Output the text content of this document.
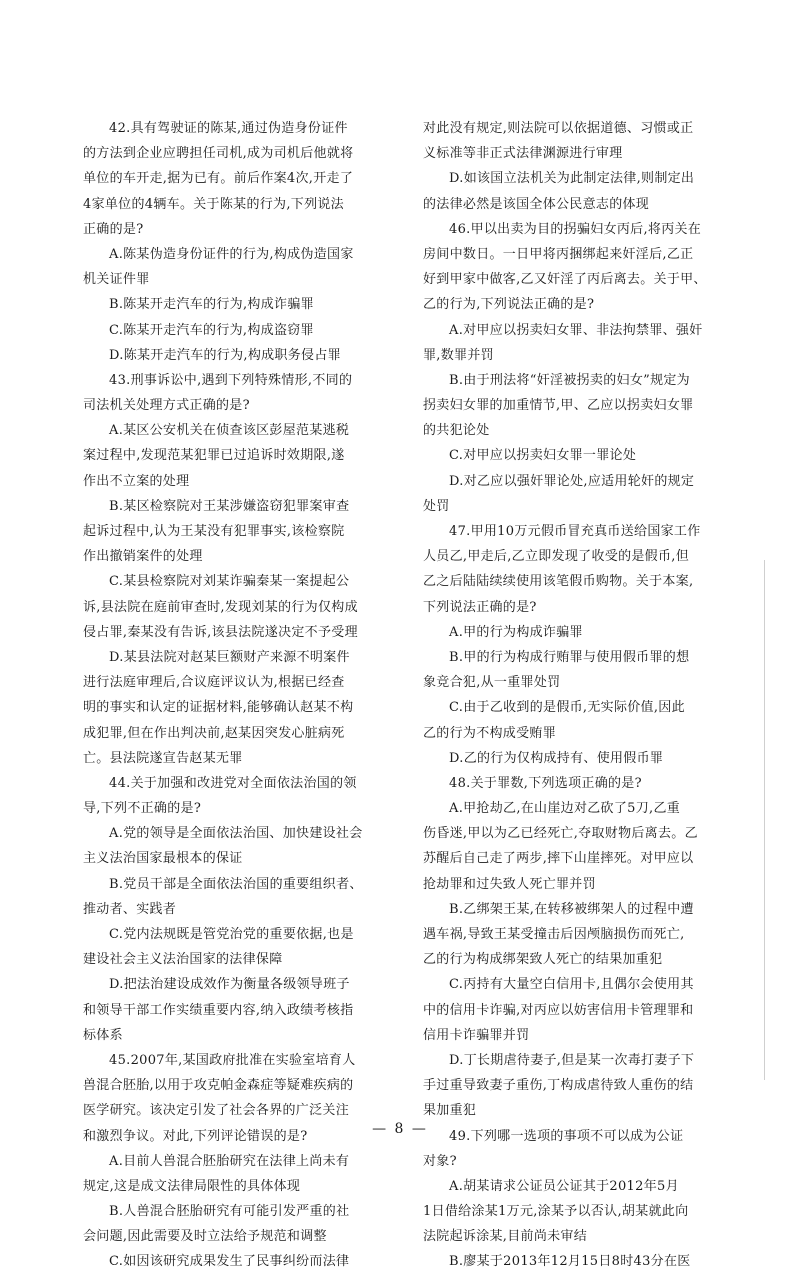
42.具有驾驶证的陈某,通过伪造身份证件
的方法到企业应聘担任司机,成为司机后他就将
单位的车开走,据为已有。前后作案4次,开走了
4家单位的4辆车。关于陈某的行为,下列说法
正确的是?
A.陈某伪造身份证件的行为,构成伪造国家
机关证件罪
B.陈某开走汽车的行为,构成诈骗罪
C.陈某开走汽车的行为,构成盗窃罪
D.陈某开走汽车的行为,构成职务侵占罪
43.刑事诉讼中,遇到下列特殊情形,不同的
司法机关处理方式正确的是?
A.某区公安机关在侦查该区彭屋范某逃税
案过程中,发现范某犯罪已过追诉时效期限,遂
作出不立案的处理
B.某区检察院对王某涉嫌盗窃犯罪案审查
起诉过程中,认为王某没有犯罪事实,该检察院
作出撤销案件的处理
C.某县检察院对刘某诈骗秦某一案提起公
诉,县法院在庭前审查时,发现刘某的行为仅构成
侵占罪,秦某没有告诉,该县法院遂决定不予受理
D.某县法院对赵某巨额财产来源不明案件
进行法庭审理后,合议庭评议认为,根据已经查
明的事实和认定的证据材料,能够确认赵某不构
成犯罪,但在作出判决前,赵某因突发心脏病死
亡。县法院遂宣告赵某无罪
44.关于加强和改进党对全面依法治国的领
导,下列不正确的是?
A.党的领导是全面依法治国、加快建设社会
主义法治国家最根本的保证
B.党员干部是全面依法治国的重要组织者、
推动者、实践者
C.党内法规既是管党治党的重要依据,也是
建设社会主义法治国家的法律保障
D.把法治建设成效作为衡量各级领导班子
和领导干部工作实绩重要内容,纳入政绩考核指
标体系
45.2007年,某国政府批准在实验室培育人
兽混合胚胎,以用于攻克帕金森症等疑难疾病的
医学研究。该决定引发了社会各界的广泛关注
和激烈争议。对此,下列评论错误的是?
A.目前人兽混合胚胎研究在法律上尚未有
规定,这是成文法律局限性的具体体现
B.人兽混合胚胎研究有可能引发严重的社
会问题,因此需要及时立法给予规范和调整
C.如因该研究成果发生了民事纠纷而法律
对此没有规定,则法院可以依据道德、习惯或正
义标准等非正式法律渊源进行审理
D.如该国立法机关为此制定法律,则制定出
的法律必然是该国全体公民意志的体现
46.甲以出卖为目的拐骗妇女丙后,将丙关在
房间中数日。一日甲将丙捆绑起来奸淫后,乙正
好到甲家中做客,乙又奸淫了丙后离去。关于甲、
乙的行为,下列说法正确的是?
A.对甲应以拐卖妇女罪、非法拘禁罪、强奸
罪,数罪并罚
B.由于刑法将“奸淫被拐卖的妇女”规定为
拐卖妇女罪的加重情节,甲、乙应以拐卖妇女罪
的共犯论处
C.对甲应以拐卖妇女罪一罪论处
D.对乙应以强奸罪论处,应适用轮奸的规定
处罚
47.甲用10万元假币冒充真币送给国家工作
人员乙,甲走后,乙立即发现了收受的是假币,但
乙之后陆陆续续使用该笔假币购物。关于本案,
下列说法正确的是?
A.甲的行为构成诈骗罪
B.甲的行为构成行贿罪与使用假币罪的想
象竞合犯,从一重罪处罚
C.由于乙收到的是假币,无实际价值,因此
乙的行为不构成受贿罪
D.乙的行为仅构成持有、使用假币罪
48.关于罪数,下列选项正确的是?
A.甲抢劫乙,在山崖边对乙砍了5刀,乙重
伤昏迷,甲以为乙已经死亡,夺取财物后离去。乙
苏醒后自己走了两步,摔下山崖摔死。对甲应以
抢劫罪和过失致人死亡罪并罚
B.乙绑架王某,在转移被绑架人的过程中遭
遇车祸,导致王某受撞击后因颅脑损伤而死亡,
乙的行为构成绑架致人死亡的结果加重犯
C.丙持有大量空白信用卡,且偶尔会使用其
中的信用卡诈骗,对丙应以妨害信用卡管理罪和
信用卡诈骗罪并罚
D.丁长期虐待妻子,但是某一次毒打妻子下
手过重导致妻子重伤,丁构成虐待致人重伤的结
果加重犯
49.下列哪一选项的事项不可以成为公证
对象?
A.胡某请求公证员公证其于2012年5月
1日借给涂某1万元,涂某予以否认,胡某就此向
法院起诉涂某,目前尚未审结
B.廖某于2013年12月15日8时43分在医
— 8 —
